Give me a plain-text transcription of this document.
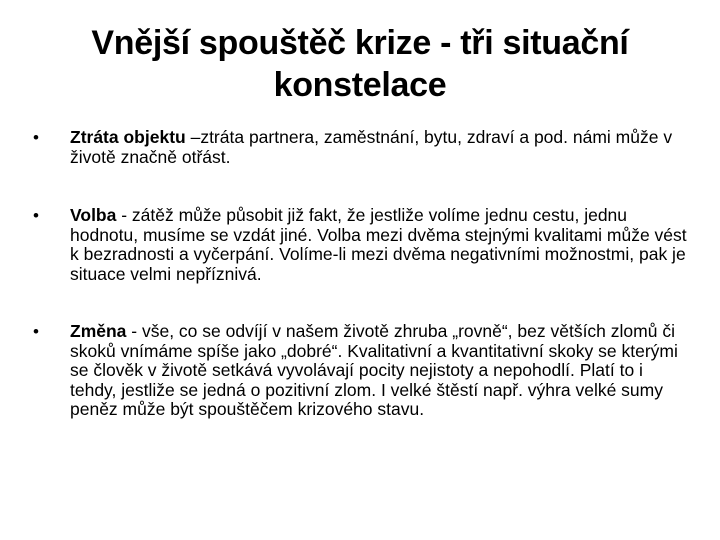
Vnější spouštěč krize - tři situační
konstelace
•	Ztráta objektu –ztráta partnera, zaměstnání, bytu, zdraví a pod. námi může v životě značně otřást.
•	Volba - zátěž může působit již fakt, že jestliže volíme jednu cestu, jednu hodnotu, musíme se vzdát jiné. Volba mezi dvěma stejnými kvalitami může vést k bezradnosti a vyčerpání. Volíme-li mezi dvěma negativními možnostmi, pak je situace velmi nepříznivá.
•	Změna - vše, co se odvíjí v našem životě zhruba „rovně“, bez větších zlomů či skoků vnímáme spíše jako „dobré“. Kvalitativní a kvantitativní skoky se kterými se člověk v životě setkává vyvolávají pocity nejistoty a nepohodlí. Platí to i tehdy, jestliže se jedná o pozitivní zlom. I velké štěstí např. výhra velké sumy peněz může být spouštěčem krizového stavu.
